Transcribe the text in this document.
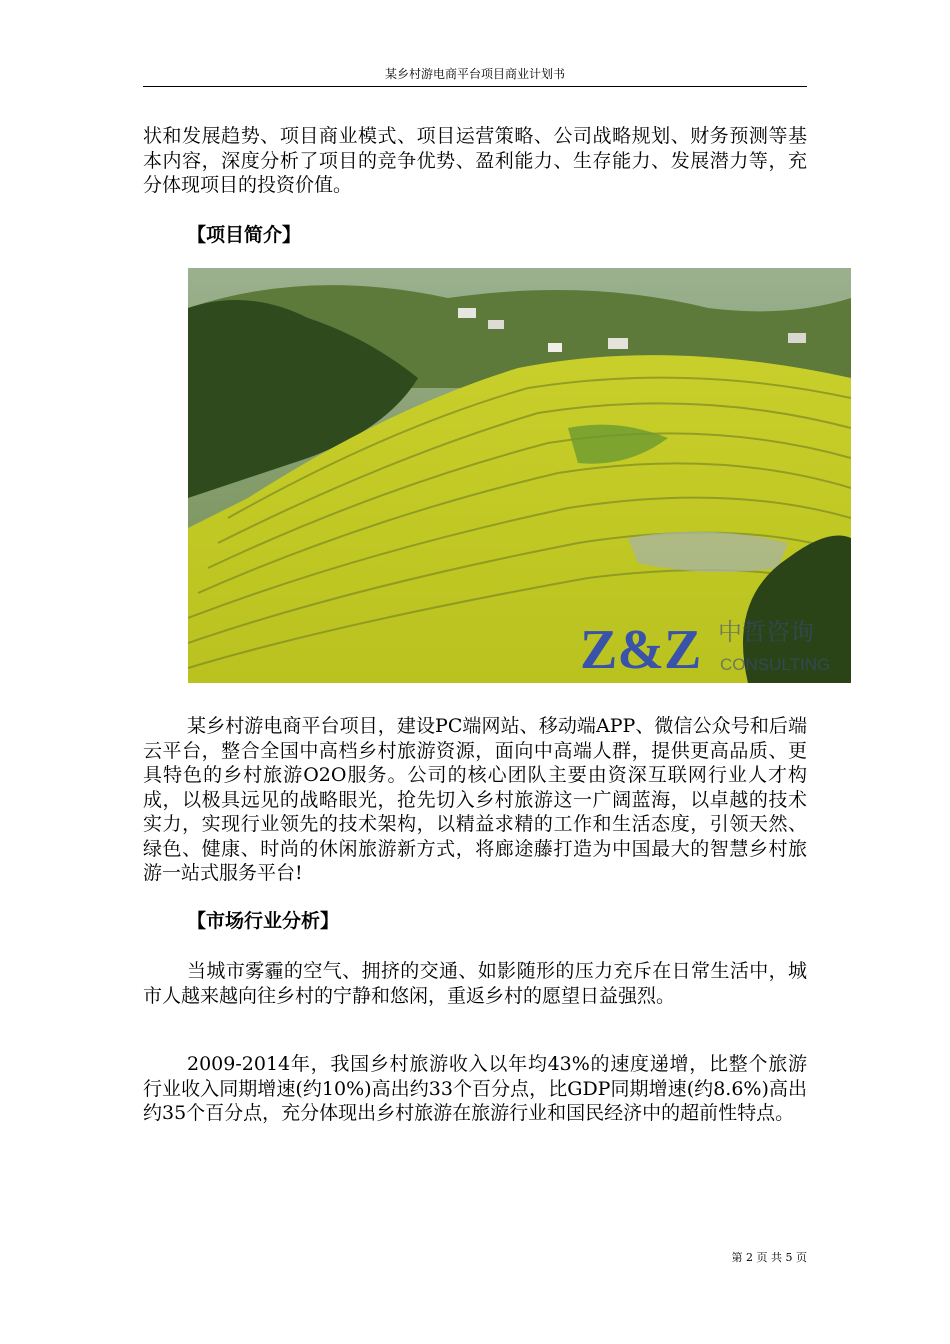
某乡村游电商平台项目商业计划书

状和发展趋势、项目商业模式、项目运营策略、公司战略规划、财务预测等基本内容，深度分析了项目的竞争优势、盈利能力、生存能力、发展潜力等，充分体现项目的投资价值。

【项目简介】

Z&Z 中哲咨询
CONSULTING

某乡村游电商平台项目，建设PC端网站、移动端APP、微信公众号和后端云平台，整合全国中高档乡村旅游资源，面向中高端人群，提供更高品质、更具特色的乡村旅游O2O服务。公司的核心团队主要由资深互联网行业人才构成，以极具远见的战略眼光，抢先切入乡村旅游这一广阔蓝海，以卓越的技术实力，实现行业领先的技术架构，以精益求精的工作和生活态度，引领天然、绿色、健康、时尚的休闲旅游新方式，将廊途藤打造为中国最大的智慧乡村旅游一站式服务平台!

【市场行业分析】

当城市雾霾的空气、拥挤的交通、如影随形的压力充斥在日常生活中，城市人越来越向往乡村的宁静和悠闲，重返乡村的愿望日益强烈。

2009-2014年，我国乡村旅游收入以年均43%的速度递增，比整个旅游行业收入同期增速(约10%)高出约33个百分点，比GDP同期增速(约8.6%)高出约35个百分点，充分体现出乡村旅游在旅游行业和国民经济中的超前性特点。

第 2 页 共 5 页
